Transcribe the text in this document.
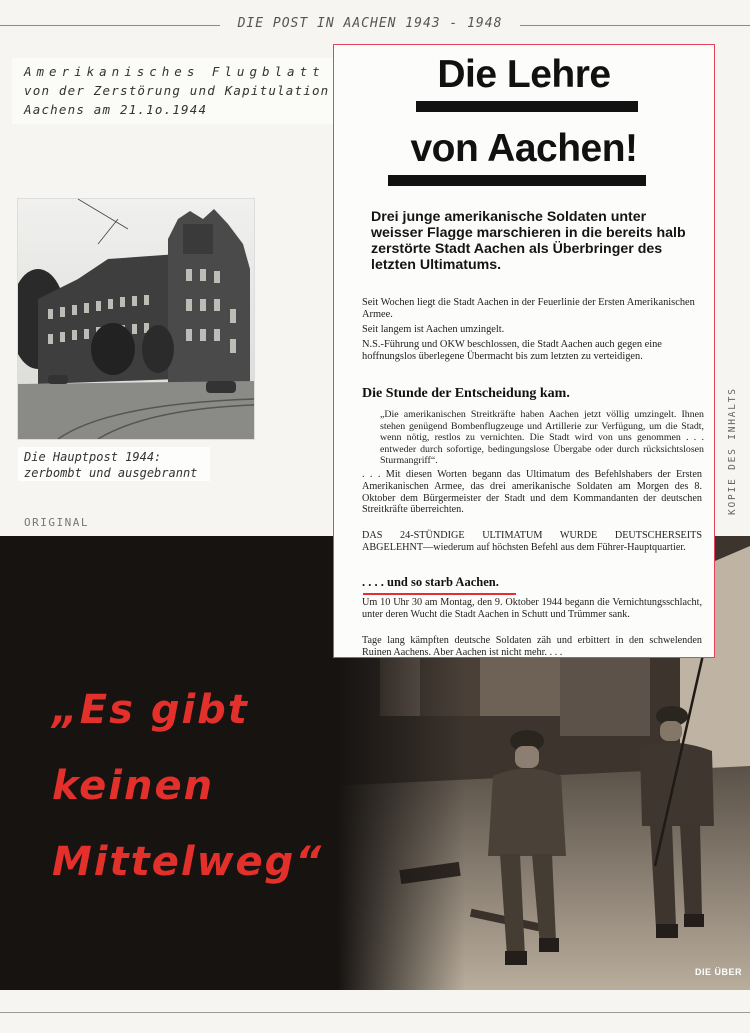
DIE POST IN AACHEN 1943 - 1948
Amerikanisches Flugblatt
von der Zerstörung und Kapitulation
Aachens am 21.1o.1944
Die Hauptpost 1944:
zerbombt und ausgebrannt
ORIGINAL
KOPIE DES INHALTS
„Es gibt
keinen
Mittelweg“
DIE ÜBER
Die Lehre
von Aachen!
Drei junge amerikanische Soldaten unter weisser Flagge marschieren in die bereits halb zerstörte Stadt Aachen als Überbringer des letzten Ultimatums.

Seit Wochen liegt die Stadt Aachen in der Feuerlinie der Ersten Amerikanischen Armee.

Seit langem ist Aachen umzingelt.

N.S.-Führung und OKW beschlossen, die Stadt Aachen auch gegen eine hoffnungslos überlegene Übermacht bis zum letzten zu verteidigen.

Die Stunde der Entscheidung kam.
„Die amerikanischen Streitkräfte haben Aachen jetzt völlig umzingelt. Ihnen stehen genügend Bombenflugzeuge und Artillerie zur Verfügung, um die Stadt, wenn nötig, restlos zu vernichten. Die Stadt wird von uns genommen . . . entweder durch sofortige, bedingungslose Übergabe oder durch rücksichtslosen Sturmangriff“.
. . . Mit diesen Worten begann das Ultimatum des Befehlshabers der Ersten Amerikanischen Armee, das drei amerikanische Soldaten am Morgen des 8. Oktober dem Bürgermeister der Stadt und dem Kommandanten der deutschen Streitkräfte überreichten.
DAS 24-STÜNDIGE ULTIMATUM WURDE DEUTSCHERSEITS ABGELEHNT—wiederum auf höchsten Befehl aus dem Führer-Hauptquartier.
. . . . und so starb Aachen.
Um 10 Uhr 30 am Montag, den 9. Oktober 1944 begann die Vernichtungsschlacht, unter deren Wucht die Stadt Aachen in Schutt und Trümmer sank.
Tage lang kämpften deutsche Soldaten zäh und erbittert in den schwelenden Ruinen Aachens. Aber Aachen ist nicht mehr. . . .
